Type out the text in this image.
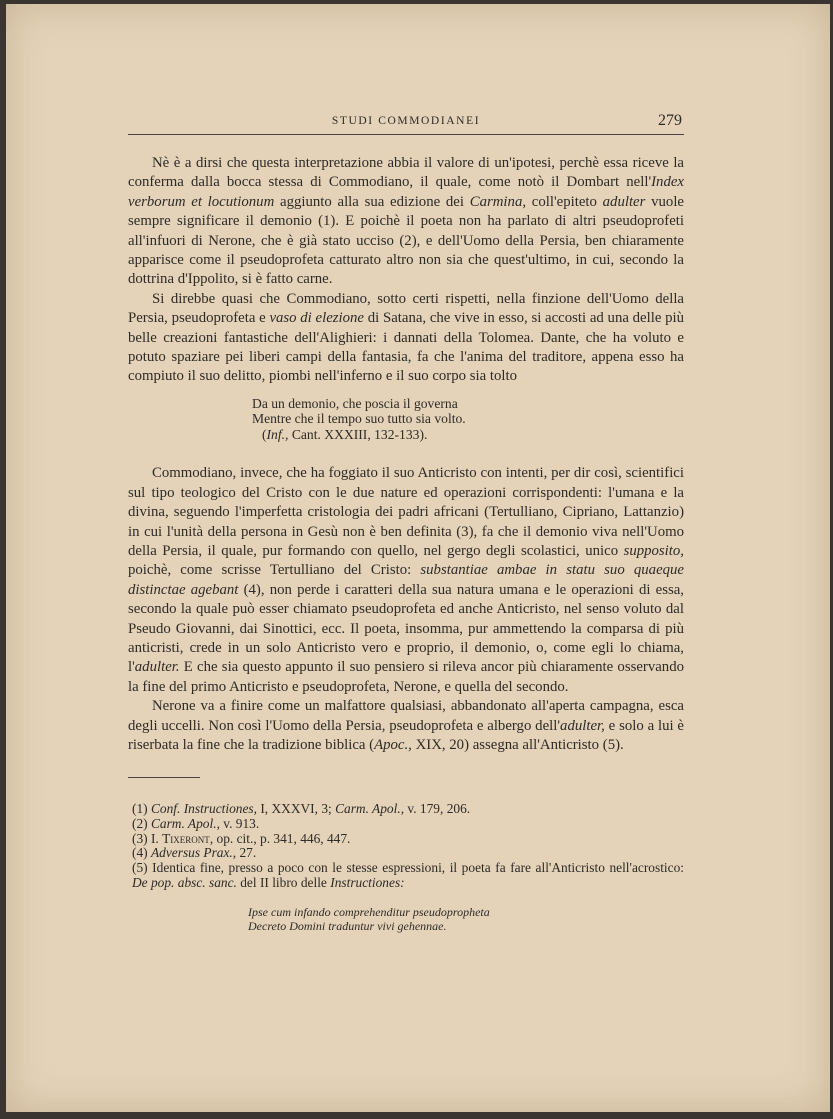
STUDI COMMODIANEI	279

Nè è a dirsi che questa interpretazione abbia il valore di un'ipotesi, perchè essa riceve la conferma dalla bocca stessa di Commodiano, il quale, come notò il Dombart nell'Index verborum et locutionum aggiunto alla sua edizione dei Carmina, coll'epiteto adulter vuole sempre significare il demonio (1). E poichè il poeta non ha parlato di altri pseudoprofeti all'infuori di Nerone, che è già stato ucciso (2), e dell'Uomo della Persia, ben chiaramente apparisce come il pseudoprofeta catturato altro non sia che quest'ultimo, in cui, secondo la dottrina d'Ippolito, si è fatto carne.

Si direbbe quasi che Commodiano, sotto certi rispetti, nella finzione dell'Uomo della Persia, pseudoprofeta e vaso di elezione di Satana, che vive in esso, si accosti ad una delle più belle creazioni fantastiche dell'Alighieri: i dannati della Tolomea. Dante, che ha voluto e potuto spaziare pei liberi campi della fantasia, fa che l'anima del traditore, appena esso ha compiuto il suo delitto, piombi nell'inferno e il suo corpo sia tolto

Da un demonio, che poscia il governa
Mentre che il tempo suo tutto sia volto.
(Inf., Cant. XXXIII, 132-133).

Commodiano, invece, che ha foggiato il suo Anticristo con intenti, per dir così, scientifici sul tipo teologico del Cristo con le due nature ed operazioni corrispondenti: l'umana e la divina, seguendo l'imperfetta cristologia dei padri africani (Tertulliano, Cipriano, Lattanzio) in cui l'unità della persona in Gesù non è ben definita (3), fa che il demonio viva nell'Uomo della Persia, il quale, pur formando con quello, nel gergo degli scolastici, unico supposito, poichè, come scrisse Tertulliano del Cristo: substantiae ambae in statu suo quaeque distinctae agebant (4), non perde i caratteri della sua natura umana e le operazioni di essa, secondo la quale può esser chiamato pseudoprofeta ed anche Anticristo, nel senso voluto dal Pseudo Giovanni, dai Sinottici, ecc. Il poeta, insomma, pur ammettendo la comparsa di più anticristi, crede in un solo Anticristo vero e proprio, il demonio, o, come egli lo chiama, l'adulter. E che sia questo appunto il suo pensiero si rileva ancor più chiaramente osservando la fine del primo Anticristo e pseudoprofeta, Nerone, e quella del secondo.

Nerone va a finire come un malfattore qualsiasi, abbandonato all'aperta campagna, esca degli uccelli. Non così l'Uomo della Persia, pseudoprofeta e albergo dell'adulter, e solo a lui è riserbata la fine che la tradizione biblica (Apoc., XIX, 20) assegna all'Anticristo (5).

(1) Conf. Instructiones, I, XXXVI, 3; Carm. Apol., v. 179, 206.

(2) Carm. Apol., v. 913.

(3) I. Tixeront, op. cit., p. 341, 446, 447.

(4) Adversus Prax., 27.

(5) Identica fine, presso a poco con le stesse espressioni, il poeta fa fare all'Anticristo nell'acrostico: De pop. absc. sanc. del II libro delle Instructiones:

Ipse cum infando comprehenditur pseudopropheta
Decreto Domini traduntur vivi gehennae.
